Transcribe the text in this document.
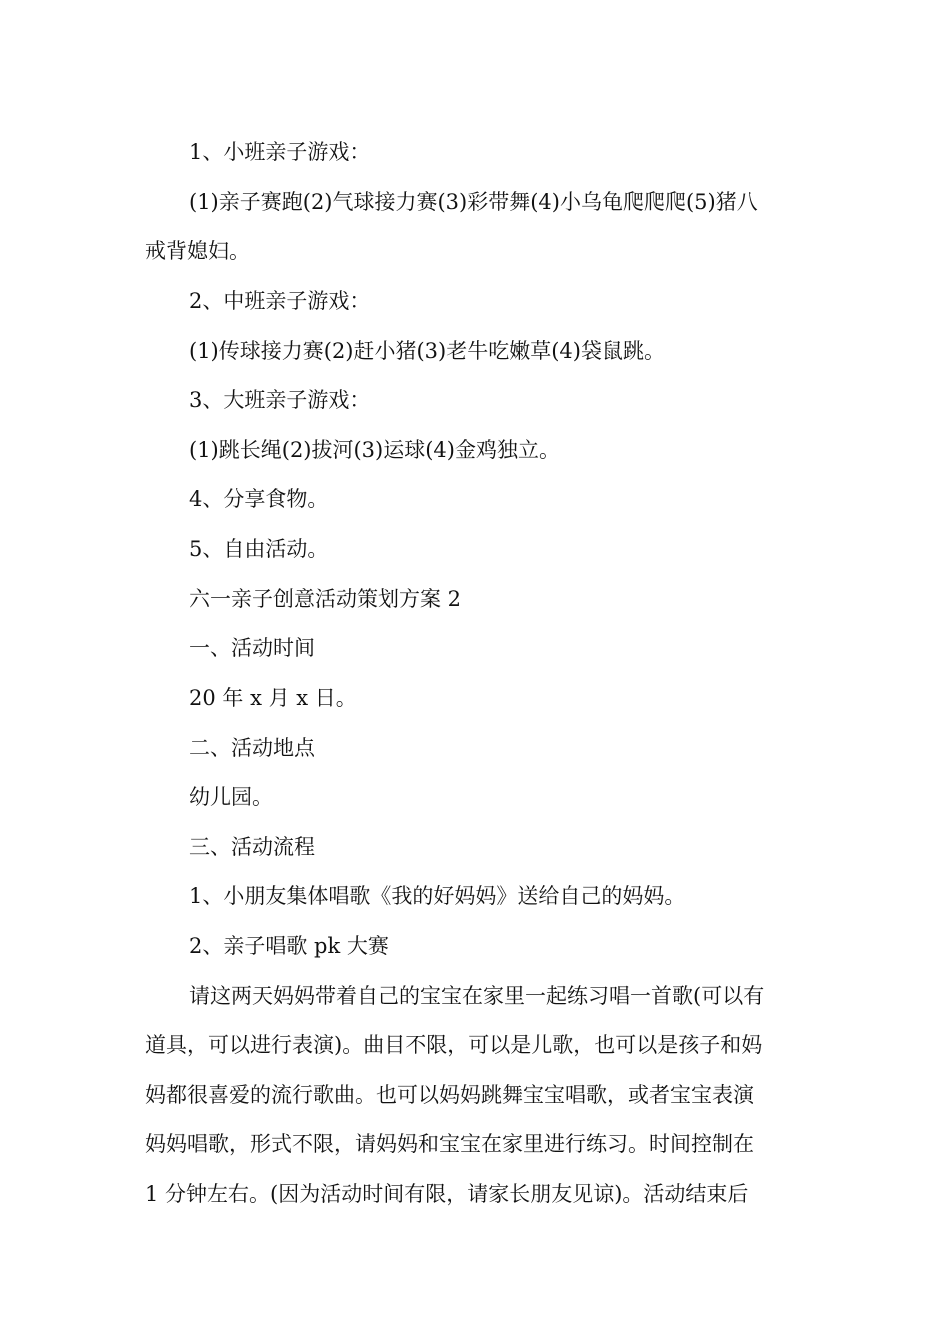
1、小班亲子游戏：
(1)亲子赛跑(2)气球接力赛(3)彩带舞(4)小乌龟爬爬爬(5)猪八
戒背媳妇。
2、中班亲子游戏：
(1)传球接力赛(2)赶小猪(3)老牛吃嫩草(4)袋鼠跳。
3、大班亲子游戏：
(1)跳长绳(2)拔河(3)运球(4)金鸡独立。
4、分享食物。
5、自由活动。
六一亲子创意活动策划方案 2
一、活动时间
20 年 x 月 x 日。
二、活动地点
幼儿园。
三、活动流程
1、小朋友集体唱歌《我的好妈妈》送给自己的妈妈。
2、亲子唱歌 pk 大赛
请这两天妈妈带着自己的宝宝在家里一起练习唱一首歌(可以有
道具，可以进行表演)。曲目不限，可以是儿歌，也可以是孩子和妈
妈都很喜爱的流行歌曲。也可以妈妈跳舞宝宝唱歌，或者宝宝表演
妈妈唱歌，形式不限，请妈妈和宝宝在家里进行练习。时间控制在
1 分钟左右。(因为活动时间有限，请家长朋友见谅)。活动结束后
